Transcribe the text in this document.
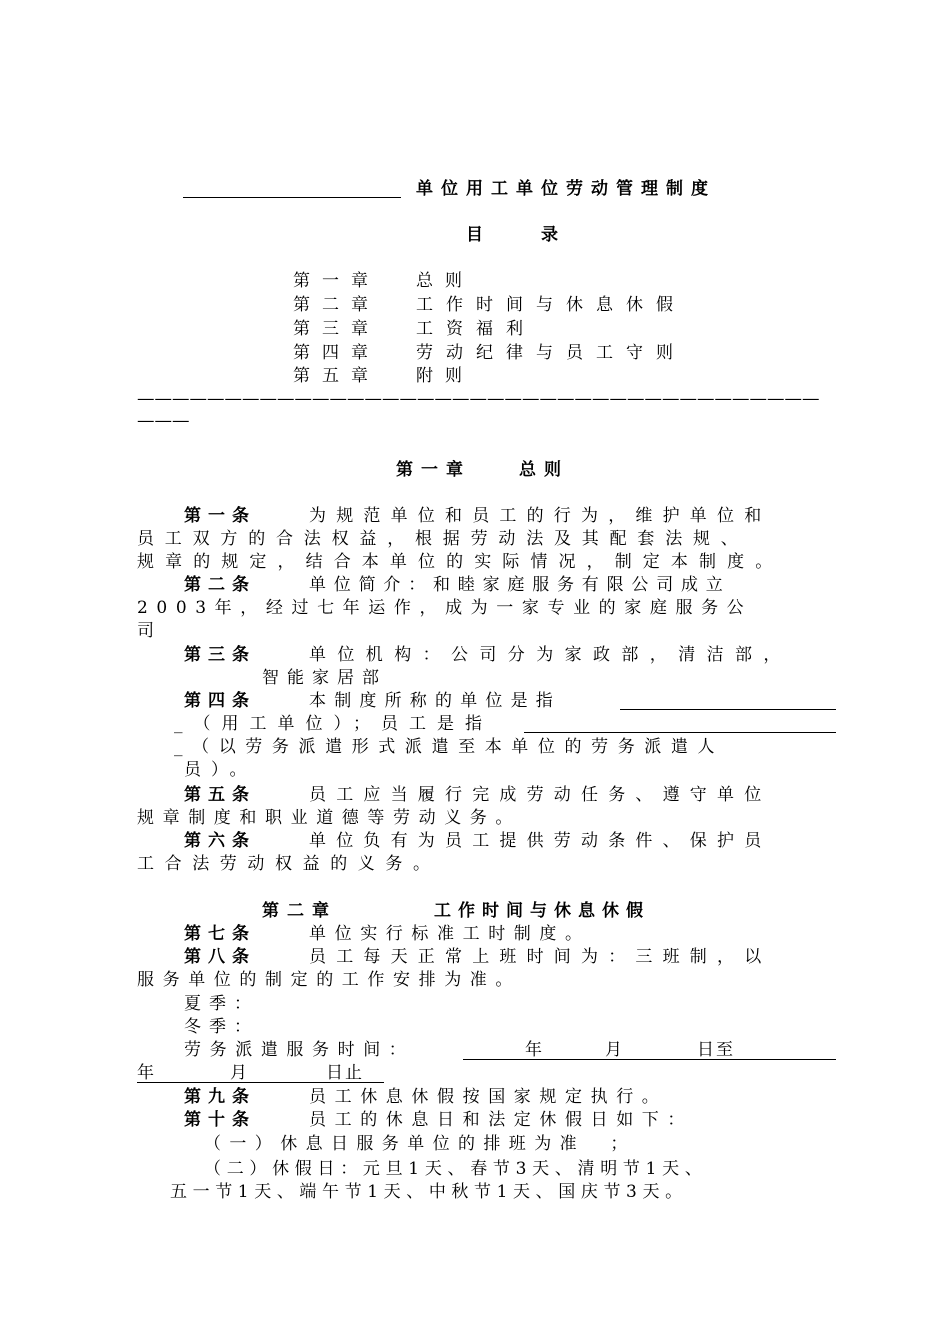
单位用工单位劳动管理制度
目　　录
第一章 总则
第二章 工作时间与休息休假
第三章 工资福利
第四章 劳动纪律与员工守则
第五章 附则
———————————————————————————————————————
———
第一章	总则
第一条	为规范单位和员工的行为，维护单位和
员工双方的合法权益，根据劳动法及其配套法规、
规章的规定，结合本单位的实际情况，制定本制度。
第二条	单位简介：和睦家庭服务有限公司成立
2003年，经过七年运作，成为一家专业的家庭服务公
司
第三条	单位机构：公司分为家政部，清洁部，
智能家居部
第四条	本制度所称的单位是指
_（用工单位）；员工是指
_（以劳务派遣形式派遣至本单位的劳务派遣人
员）。
第五条	员工应当履行完成劳动任务、遵守单位
规章制度和职业道德等劳动义务。
第六条	单位负有为员工提供劳动条件、保护员
工合法劳动权益的义务。
第二章	工作时间与休息休假
第七条	单位实行标准工时制度。
第八条	员工每天正常上班时间为：三班制，以
服务单位的制定的工作安排为准。
夏季：
冬季：
劳务派遣服务时间：	年	月	日至
年	月	日止
第九条	员工休息休假按国家规定执行。
第十条	员工的休息日和法定休假日如下：
（一）休息日服务单位的排班为准　；
（二）休假日：元旦1天、春节3天、清明节1天、
五一节1天、端午节1天、中秋节1天、国庆节3天。
